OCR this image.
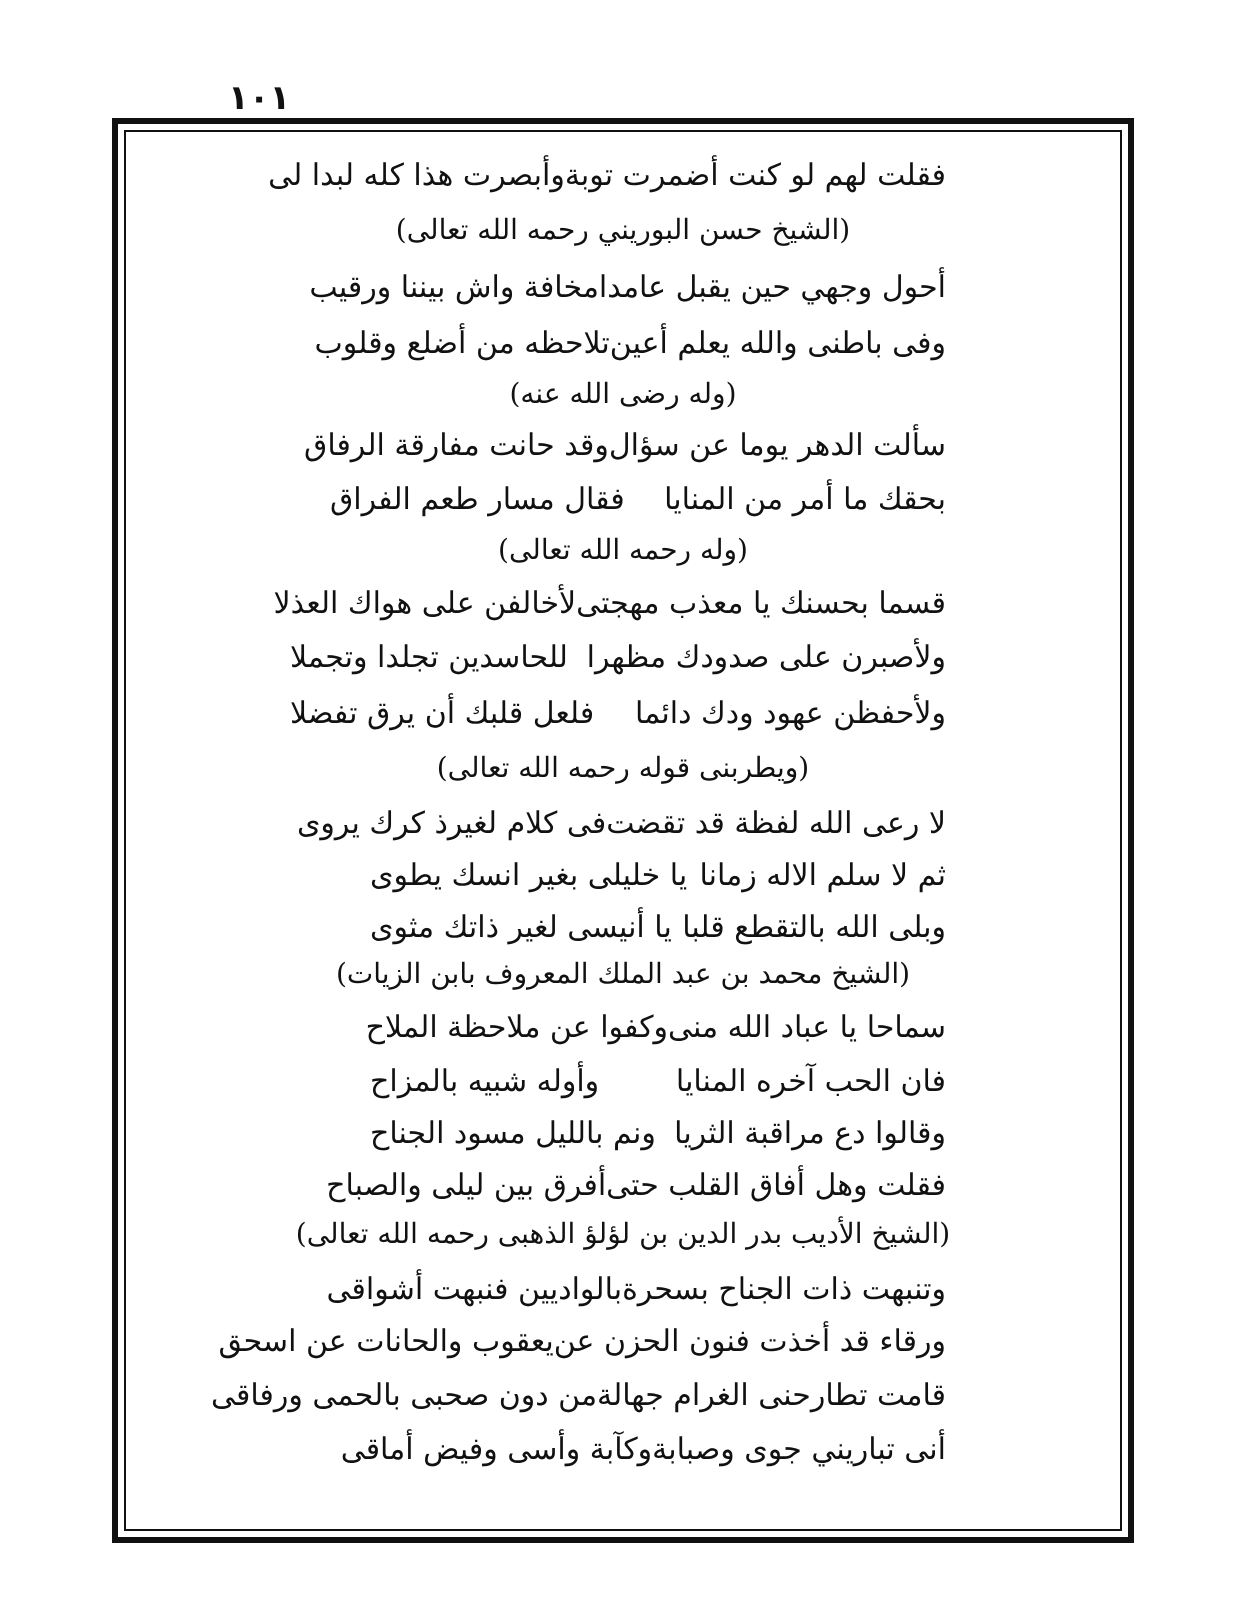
١٠١
فقلت لهم لو كنت أضمرت توبة
وأبصرت هذا كله لبدا لى
(الشيخ حسن البوريني رحمه الله تعالى)
أحول وجهي حين يقبل عامدا
مخافة واش بيننا ورقيب
وفى باطنى والله يعلم أعين
تلاحظه من أضلع وقلوب
(وله رضى الله عنه)
سألت الدهر يوما عن سؤال
وقد حانت مفارقة الرفاق
بحقك ما أمر من المنايا
فقال مسار طعم الفراق
(وله رحمه الله تعالى)
قسما بحسنك يا معذب مهجتى
لأخالفن على هواك العذلا
ولأصبرن على صدودك مظهرا
للحاسدين تجلدا وتجملا
ولأحفظن عهود ودك دائما
فلعل قلبك أن يرق تفضلا
(ويطربنى قوله رحمه الله تعالى)
لا رعى الله لفظة قد تقضت
فى كلام لغيرذ كرك يروى
ثم لا سلم الاله زمانا
يا خليلى بغير انسك يطوى
وبلى الله بالتقطع قلبا
يا أنيسى لغير ذاتك مثوى
(الشيخ محمد بن عبد الملك المعروف بابن الزيات)
سماحا يا عباد الله منى
وكفوا عن ملاحظة الملاح
فان الحب آخره المنايا
وأوله شبيه بالمزاح
وقالوا دع مراقبة الثريا
ونم بالليل مسود الجناح
فقلت وهل أفاق القلب حتى
أفرق بين ليلى والصباح
(الشيخ الأديب بدر الدين بن لؤلؤ الذهبى رحمه الله تعالى)
وتنبهت ذات الجناح بسحرة
بالواديين فنبهت أشواقى
ورقاء قد أخذت فنون الحزن عن
يعقوب والحانات عن اسحق
قامت تطارحنى الغرام جهالة
من دون صحبى بالحمى ورفاقى
أنى تباريني جوى وصبابة
وكآبة وأسى وفيض أماقى
